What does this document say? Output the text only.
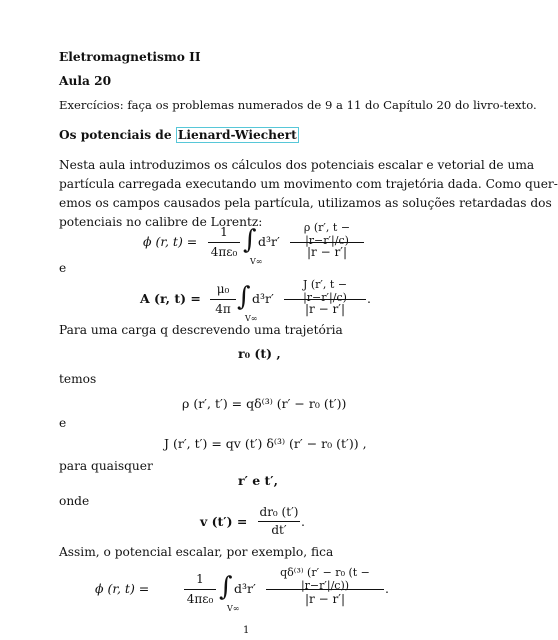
Eletromagnetismo II
Aula 20
Exercícios: faça os problemas numerados de 9 a 11 do Capítulo 20 do livro-texto.
Os potenciais de Lienard-Wiechert
Nesta aula introduzimos os cálculos dos potenciais escalar e vetorial de uma
partícula carregada executando um movimento com trajetória dada. Como quer-
emos os campos causados pela partícula, utilizamos as soluções retardadas dos
potenciais no calibre de Lorentz:
ϕ (r, t) =
1
4πε₀ ∫
V∞
d³r′
ρ (r′, t − |r−r′|/c)
|r − r′|
e
A (r, t) =
μ₀
4π ∫
V∞
d³r′
J (r′, t − |r−r′|/c)
|r − r′|
.
Para uma carga q descrevendo uma trajetória
r₀ (t) ,
temos
ρ (r′, t′) = qδ⁽³⁾ (r′ − r₀ (t′))
e
J (r′, t′) = qv (t′) δ⁽³⁾ (r′ − r₀ (t′)) ,
para quaisquer
r′ e t′,
onde
v (t′) =
dr₀ (t′)
dt′
.
Assim, o potencial escalar, por exemplo, fica
ϕ (r, t) =
1
4πε₀ ∫
V∞
d³r′
qδ⁽³⁾ (r′ − r₀ (t − |r−r′|/c))
|r − r′|
.
1
